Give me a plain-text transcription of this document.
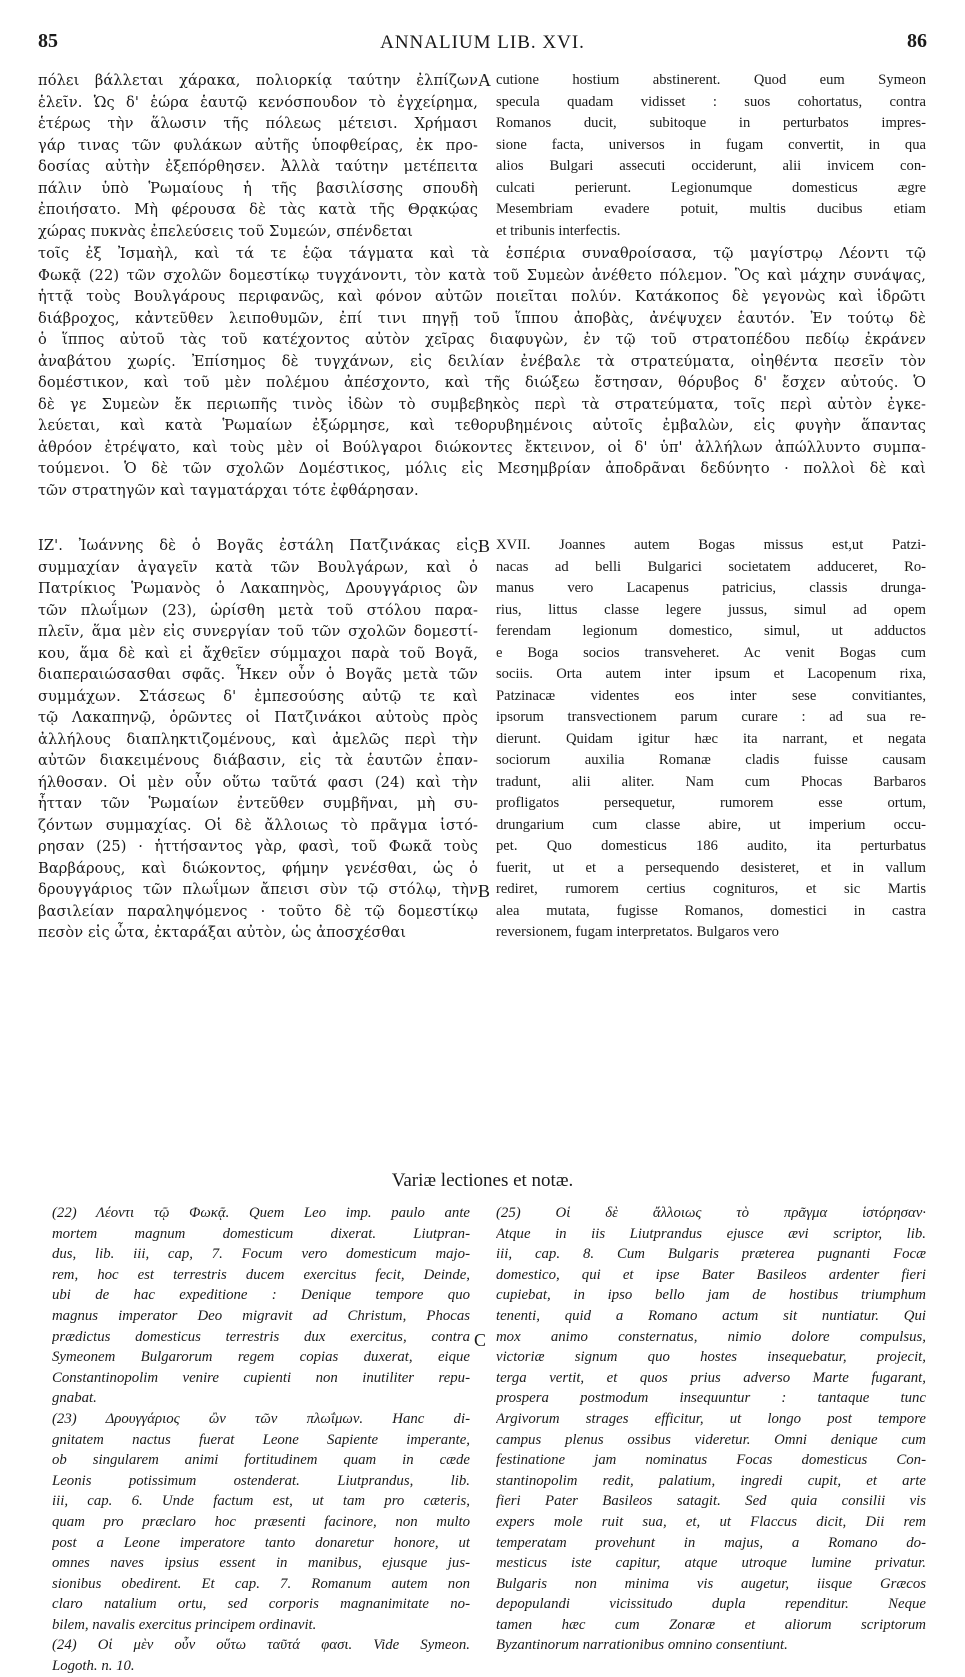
85	ANNALIUM LIB. XVI.	86
πόλει βάλλεται χάρακα, πολιορκίᾳ ταύτην ἐλπίζων
ἑλεῖν. Ὡς δ' ἑώρα ἑαυτῷ κενόσπουδον τὸ ἐγχείρημα,
ἑτέρως τὴν ἅλωσιν τῆς πόλεως μέτεισι. Χρήμασι
γάρ τινας τῶν φυλάκων αὐτῆς ὑποφθείρας, ἐκ προ-
δοσίας αὐτὴν ἐξεπόρθησεν. Ἀλλὰ ταύτην μετέπειτα
πάλιν ὑπὸ Ῥωμαίους ἡ τῆς βασιλίσσης σπουδὴ
ἐποιήσατο. Μὴ φέρουσα δὲ τὰς κατὰ τῆς Θρᾳκῴας
χώρας πυκνὰς ἐπελεύσεις τοῦ Συμεών, σπένδεται
A cutione hostium abstinerent. Quod eum Symeon
specula quadam vidisset : suos cohortatus, contra
Romanos ducit, subitoque in perturbatos impres-
sione facta, universos in fugam convertit, in qua
alios Bulgari assecuti occiderunt, alii invicem con-
culcati perierunt. Legionumque domesticus ægre
Mesembriam evadere potuit, multis ducibus etiam
et tribunis interfectis.
τοῖς ἐξ Ἰσμαὴλ, καὶ τά τε ἑῷα τάγματα καὶ τὰ ἑσπέρια συναθροίσασα, τῷ μαγίστρῳ Λέοντι τῷ
Φωκᾷ (22) τῶν σχολῶν δομεστίκῳ τυγχάνοντι, τὸν κατὰ τοῦ Συμεὼν ἀνέθετο πόλεμον. Ὃς καὶ μάχην συνάψας,
ἡττᾷ τοὺς Βουλγάρους περιφανῶς, καὶ φόνον αὐτῶν ποιεῖται πολύν. Κατάκοπος δὲ γεγονὼς καὶ ἱδρῶτι
διάβροχος, κἀντεῦθεν λειποθυμῶν, ἐπί τινι πηγῇ τοῦ ἵππου ἀποβὰς, ἀνέψυχεν ἑαυτόν. Ἐν τούτῳ δὲ
ὁ ἵππος αὐτοῦ τὰς τοῦ κατέχοντος αὐτὸν χεῖρας διαφυγὼν, ἐν τῷ τοῦ στρατοπέδου πεδίῳ ἐκράνεν
ἀναβάτου χωρίς. Ἐπίσημος δὲ τυγχάνων, εἰς δειλίαν ἐνέβαλε τὰ στρατεύματα, οἰηθέντα πεσεῖν τὸν
δομέστικον, καὶ τοῦ μὲν πολέμου ἀπέσχοντο, καὶ τῆς διώξεω ἔστησαν, θόρυβος δ' ἔσχεν αὐτούς. Ὁ
δὲ γε Συμεὼν ἔκ περιωπῆς τινὸς ἰδὼν τὸ συμβεβηκὸς περὶ τὰ στρατεύματα, τοῖς περὶ αὐτὸν ἐγκε-
λεύεται, καὶ κατὰ Ῥωμαίων ἐξώρμησε, καὶ τεθορυβημένοις αὐτοῖς ἐμβαλὼν, εἰς φυγὴν ἅπαντας
ἀθρόον ἐτρέψατο, καὶ τοὺς μὲν οἱ Βούλγαροι διώκοντες ἔκτεινον, οἱ δ' ὑπ' ἀλλήλων ἀπώλλυντο συμπα-
τούμενοι. Ὁ δὲ τῶν σχολῶν Δομέστικος, μόλις εἰς Μεσημβρίαν ἀποδρᾶναι δεδύνητο · πολλοὶ δὲ καὶ
τῶν στρατηγῶν καὶ ταγματάρχαι τότε ἐφθάρησαν.
ΙΖ'. Ἰωάννης δὲ ὁ Βογᾶς ἐστάλη Πατζινάκας εἰς
συμμαχίαν ἀγαγεῖν κατὰ τῶν Βουλγάρων, καὶ ὁ
Πατρίκιος Ῥωμανὸς ὁ Λακαπηνὸς, Δρουγγάριος ὢν
τῶν πλωΐμων (23), ὡρίσθη μετὰ τοῦ στόλου παρα-
πλεῖν, ἅμα μὲν εἰς συνεργίαν τοῦ τῶν σχολῶν δομεστί-
κου, ἅμα δὲ καὶ εἰ ἄχθεῖεν σύμμαχοι παρὰ τοῦ Βογᾶ,
διαπεραιώσασθαι σφᾶς. Ἧκεν οὖν ὁ Βογᾶς μετὰ τῶν
συμμάχων. Στάσεως δ' ἐμπεσούσης αὐτῷ τε καὶ
τῷ Λακαπηνῷ, ὁρῶντες οἱ Πατζινάκοι αὐτοὺς πρὸς
ἀλλήλους διαπληκτιζομένους, καὶ ἀμελῶς περὶ τὴν
αὐτῶν διακειμένους διάβασιν, εἰς τὰ ἑαυτῶν ἐπαν-
ήλθοσαν. Οἱ μὲν οὖν οὕτω ταῦτά φασι (24) καὶ τὴν
ἧτταν τῶν Ῥωμαίων ἐντεῦθεν συμβῆναι, μὴ συ-
ζόντων συμμαχίας. Οἱ δὲ ἄλλοιως τὸ πρᾶγμα ἱστό-
ρησαν (25) · ἡττήσαντος γὰρ, φασὶ, τοῦ Φωκᾶ τοὺς
Βαρβάρους, καὶ διώκοντος, φήμην γενέσθαι, ὡς ὁ
δρουγγάριος τῶν πλωΐμων ἄπεισι σὺν τῷ στόλῳ, τὴν
βασιλείαν παραληψόμενος · τοῦτο δὲ τῷ δομεστίκῳ
πεσὸν εἰς ὦτα, ἐκταράξαι αὐτὸν, ὡς ἀποσχέσθαι
B
B
XVII. Joannes autem Bogas missus est,ut Patzi-
nacas ad belli Bulgarici societatem adduceret, Ro-
manus vero Lacapenus patricius, classis drunga-
rius, littus classe legere jussus, simul ad opem
ferendam legionum domestico, simul, ut adductos
e Boga socios transveheret. Ac venit Bogas cum
sociis. Orta autem inter ipsum et Lacopenum rixa,
Patzinacæ videntes eos inter sese convitiantes,
ipsorum transvectionem parum curare : ad sua re-
dierunt. Quidam igitur hæc ita narrant, et negata
sociorum auxilia Romanæ cladis fuisse causam
tradunt, alii aliter. Nam cum Phocas Barbaros
profligatos persequetur, rumorem esse ortum,
drungarium cum classe abire, ut imperium occu-
pet. Quo domesticus 186 audito, ita perturbatus
fuerit, ut et a persequendo desisteret, et in vallum
rediret, rumorem certius cognituros, et sic Martis
alea mutata, fugisse Romanos, domestici in castra
reversionem, fugam interpretatos. Bulgaros vero
Variæ lectiones et notæ.
(22) Λέοντι τῷ Φωκᾷ. Quem Leo imp. paulo ante
mortem magnum domesticum dixerat. Liutpran-
dus, lib. iii, cap, 7. Focum vero domesticum majo-
rem, hoc est terrestris ducem exercitus fecit, Deinde,
ubi de hac expeditione : Denique tempore quo
magnus imperator Deo migravit ad Christum, Phocas
prædictus domesticus terrestris dux exercitus, contra
Symeonem Bulgarorum regem copias duxerat, eique
Constantinopolim venire cupienti non inutiliter repu-
gnabat.
(23) Δρουγγάριος ὢν τῶν πλωΐμων. Hanc di-
gnitatem nactus fuerat Leone Sapiente imperante,
ob singularem animi fortitudinem quam in cæde
Leonis potissimum ostenderat. Liutprandus, lib.
iii, cap. 6. Unde factum est, ut tam pro cæteris,
quam pro præclaro hoc præsenti facinore, non multo
post a Leone imperatore tanto donaretur honore, ut
omnes naves ipsius essent in manibus, ejusque jus-
sionibus obedirent. Et cap. 7. Romanum autem non
claro natalium ortu, sed corporis magnanimitate no-
bilem, navalis exercitus principem ordinavit.
(24) Οἱ μὲν οὖν οὕτω ταῦτά φασι. Vide Symeon.
Logoth. n. 10.
C
(25) Οἱ δὲ ἄλλοιως τὸ πρᾶγμα ἱστόρησαν·
Atque in iis Liutprandus ejusce ævi scriptor, lib.
iii, cap. 8. Cum Bulgaris præterea pugnanti Focæ
domestico, qui et ipse Bater Basileos ardenter fieri
cupiebat, in ipso bello jam de hostibus triumphum
tenenti, quid a Romano actum sit nuntiatur. Qui
mox animo consternatus, nimio dolore compulsus,
victoriæ signum quo hostes insequebatur, projecit,
terga vertit, et quos prius adverso Marte fugarant,
prospera postmodum insequuntur : tantaque tunc
Argivorum strages efficitur, ut longo post tempore
campus plenus ossibus videretur. Omni denique cum
festinatione jam nominatus Focas domesticus Con-
stantinopolim redit, palatium, ingredi cupit, et arte
fieri Pater Basileos satagit. Sed quia consilii vis
expers mole ruit sua, et, ut Flaccus dicit, Dii rem
temperatam provehunt in majus, a Romano do-
mesticus iste capitur, atque utroque lumine privatur.
Bulgaris non minima vis augetur, iisque Græcos
depopulandi vicissitudo dupla rependitur. Neque
tamen hæc cum Zonaræ et aliorum scriptorum
Byzantinorum narrationibus omnino consentiunt.
